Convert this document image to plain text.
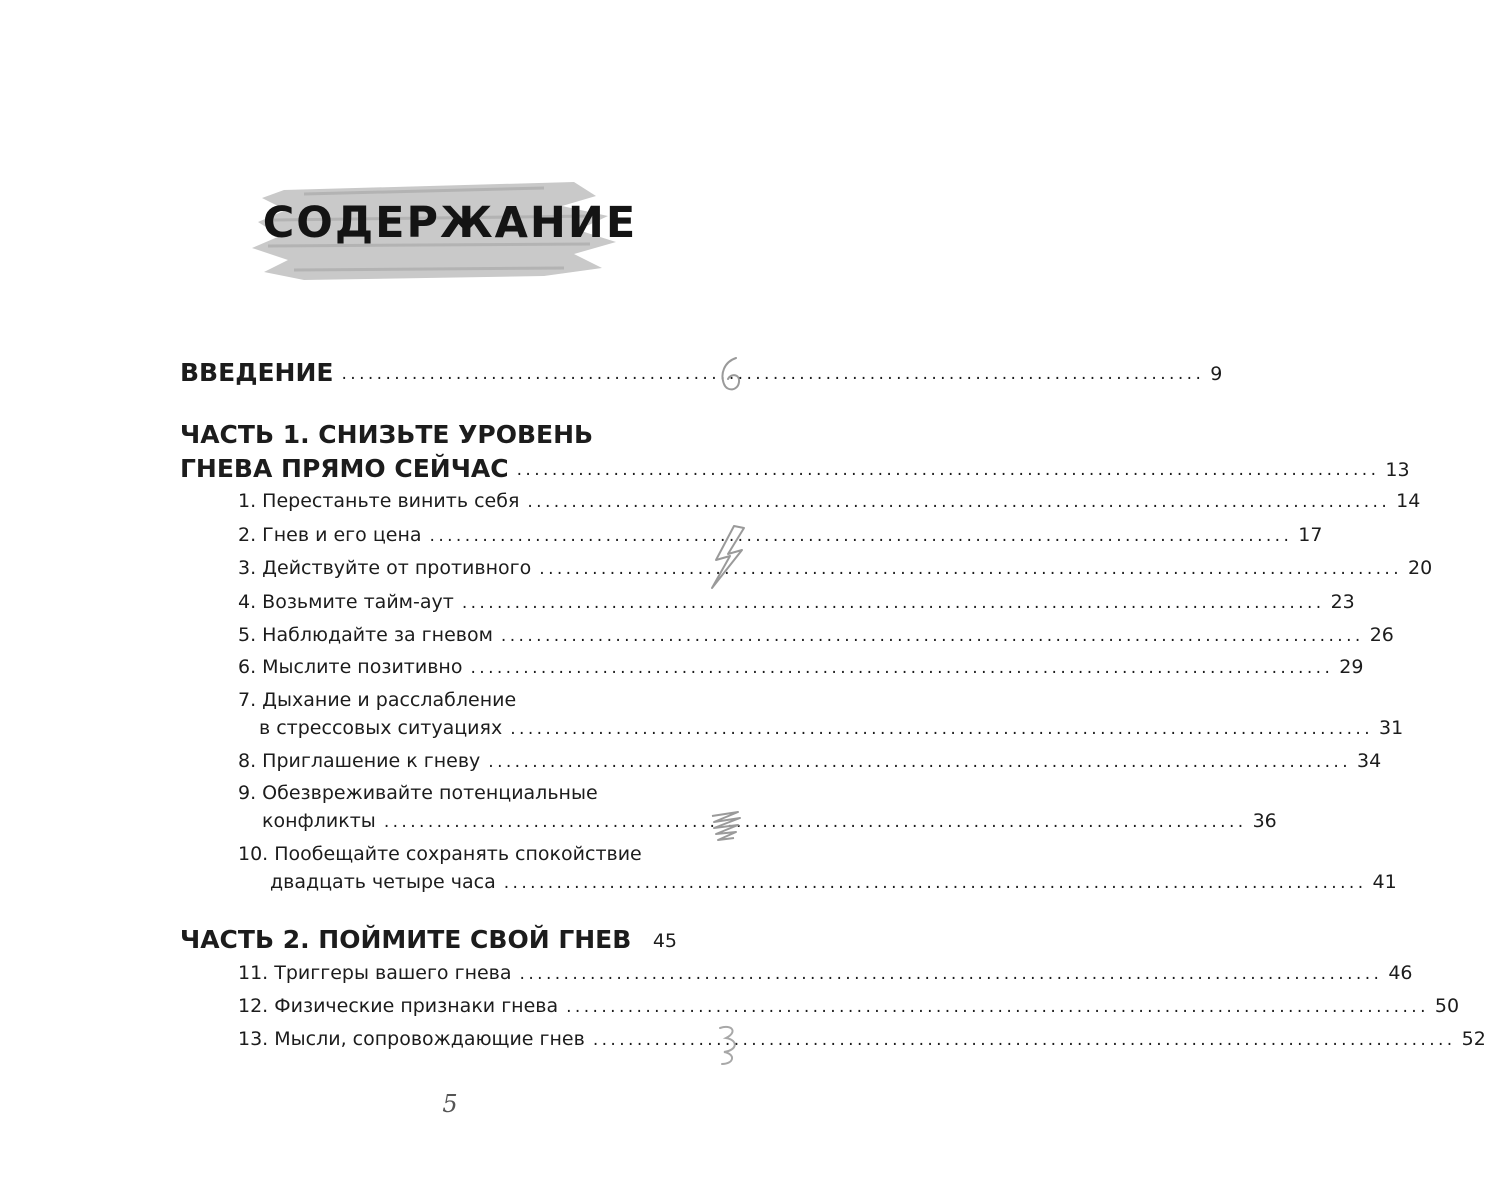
СОДЕРЖАНИЕ
ВВЕДЕНИЕ .................................................................................................. 9
ЧАСТЬ 1. СНИЗЬТЕ УРОВЕНЬ
ГНЕВА ПРЯМО СЕЙЧАС .................................................................................................. 13
1. Перестаньте винить себя .................................................................................................. 14
2. Гнев и его цена .................................................................................................. 17
3. Действуйте от противного .................................................................................................. 20
4. Возьмите тайм-аут .................................................................................................. 23
5. Наблюдайте за гневом .................................................................................................. 26
6. Мыслите позитивно .................................................................................................. 29
7. Дыхание и расслабление
в стрессовых ситуациях .................................................................................................. 31
8. Приглашение к гневу .................................................................................................. 34
9. Обезвреживайте потенциальные
конфликты .................................................................................................. 36
10. Пообещайте сохранять спокойствие
двадцать четыре часа .................................................................................................. 41
ЧАСТЬ 2. ПОЙМИТЕ СВОЙ ГНЕВ	45
11. Триггеры вашего гнева .................................................................................................. 46
12. Физические признаки гнева .................................................................................................. 50
13. Мысли, сопровождающие гнев .................................................................................................. 52
5
